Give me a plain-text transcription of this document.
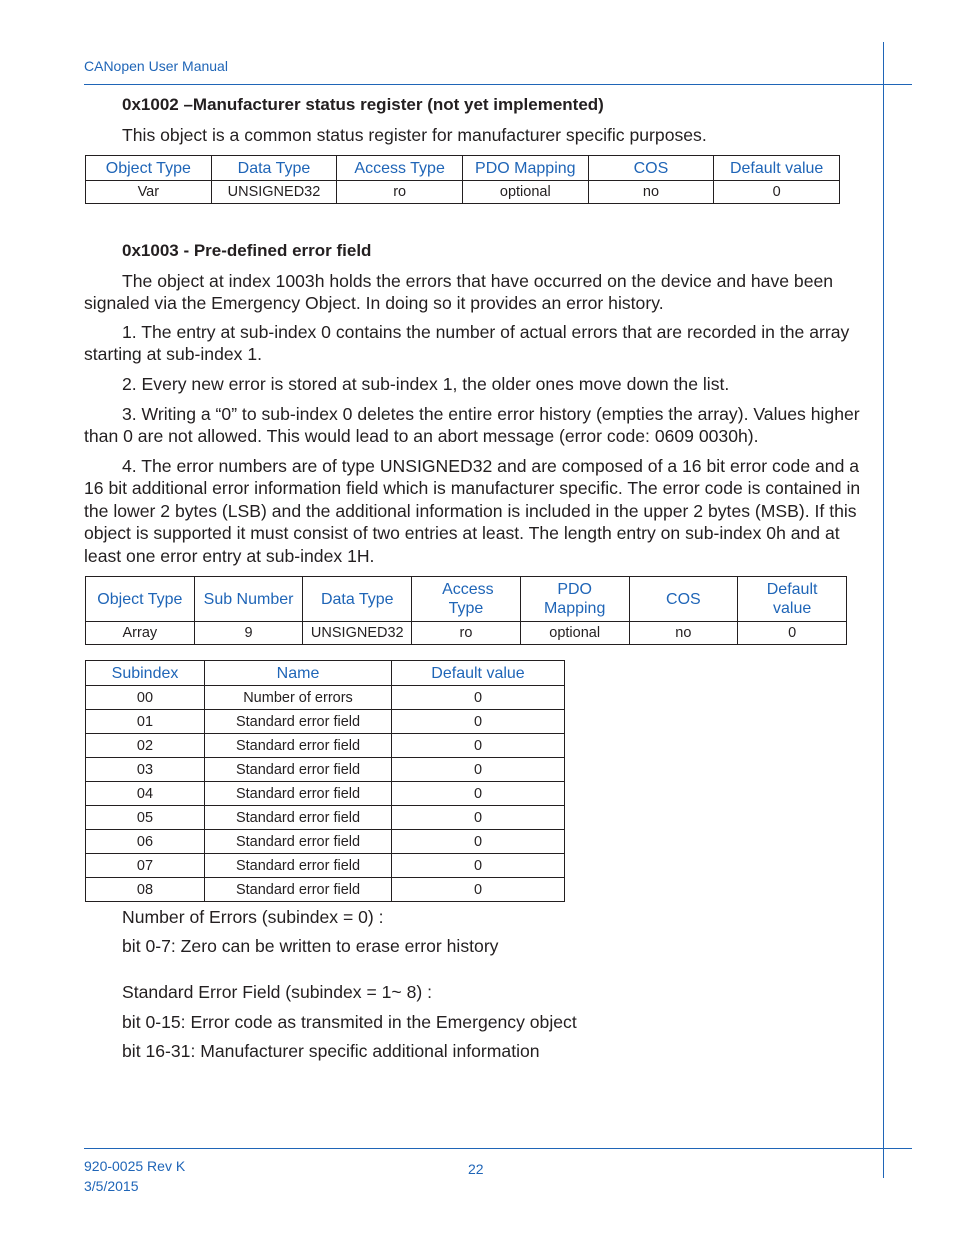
CANopen User Manual
0x1002 –Manufacturer status register (not yet implemented)
This object is a common status register for manufacturer specific purposes.
Object Type	Data Type	Access Type	PDO Mapping	COS	Default value
Var	UNSIGNED32	ro	optional	no	0
0x1003 - Pre-defined error field
The object at index 1003h holds the errors that have occurred on the device and have been signaled via the Emergency Object. In doing so it provides an error history.
1. The entry at sub-index 0 contains the number of actual errors that are recorded in the array starting at sub-index 1.
2. Every new error is stored at sub-index 1, the older ones move down the list.
3. Writing a “0” to sub-index 0 deletes the entire error history (empties the array). Values higher than 0 are not allowed. This would lead to an abort message (error code: 0609 0030h).
4. The error numbers are of type UNSIGNED32 and are composed of a 16 bit error code and a 16 bit additional error information field which is manufacturer specific. The error code is contained in the lower 2 bytes (LSB) and the additional information is included in the upper 2 bytes (MSB). If this object is supported it must consist of two entries at least. The length entry on sub-index 0h and at least one error entry at sub-index 1H.
Object Type	Sub Number	Data Type	Access Type	PDO Mapping	COS	Default value
Array	9	UNSIGNED32	ro	optional	no	0
Subindex	Name	Default value
00	Number of errors	0
01	Standard error field	0
02	Standard error field	0
03	Standard error field	0
04	Standard error field	0
05	Standard error field	0
06	Standard error field	0
07	Standard error field	0
08	Standard error field	0
Number of Errors (subindex = 0) :
bit 0-7: Zero can be written to erase error history
Standard Error Field (subindex = 1~ 8) :
bit 0-15: Error code as transmited in the Emergency object
bit 16-31: Manufacturer specific additional information
920-0025 Rev K
3/5/2015
22
